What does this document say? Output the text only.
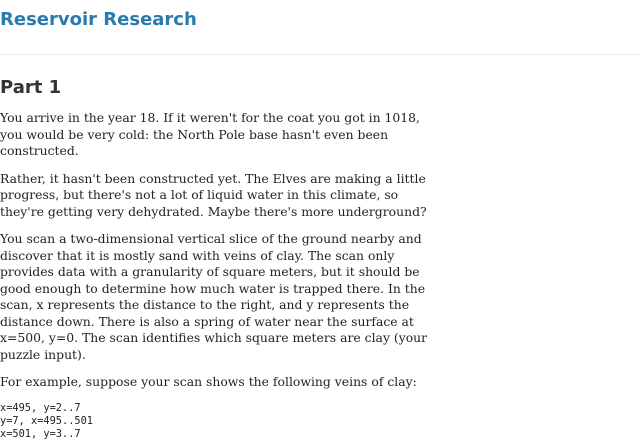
Reservoir Research
Part 1

You arrive in the year 18. If it weren't for the coat you got in 1018, you would be very cold: the North Pole base hasn't even been constructed.

Rather, it hasn't been constructed yet. The Elves are making a little progress, but there's not a lot of liquid water in this climate, so they're getting very dehydrated. Maybe there's more underground?

You scan a two-dimensional vertical slice of the ground nearby and discover that it is mostly sand with veins of clay. The scan only provides data with a granularity of square meters, but it should be good enough to determine how much water is trapped there. In the scan, x represents the distance to the right, and y represents the distance down. There is also a spring of water near the surface at x=500, y=0. The scan identifies which square meters are clay (your puzzle input).

For example, suppose your scan shows the following veins of clay:

x=495, y=2..7
y=7, x=495..501
x=501, y=3..7
